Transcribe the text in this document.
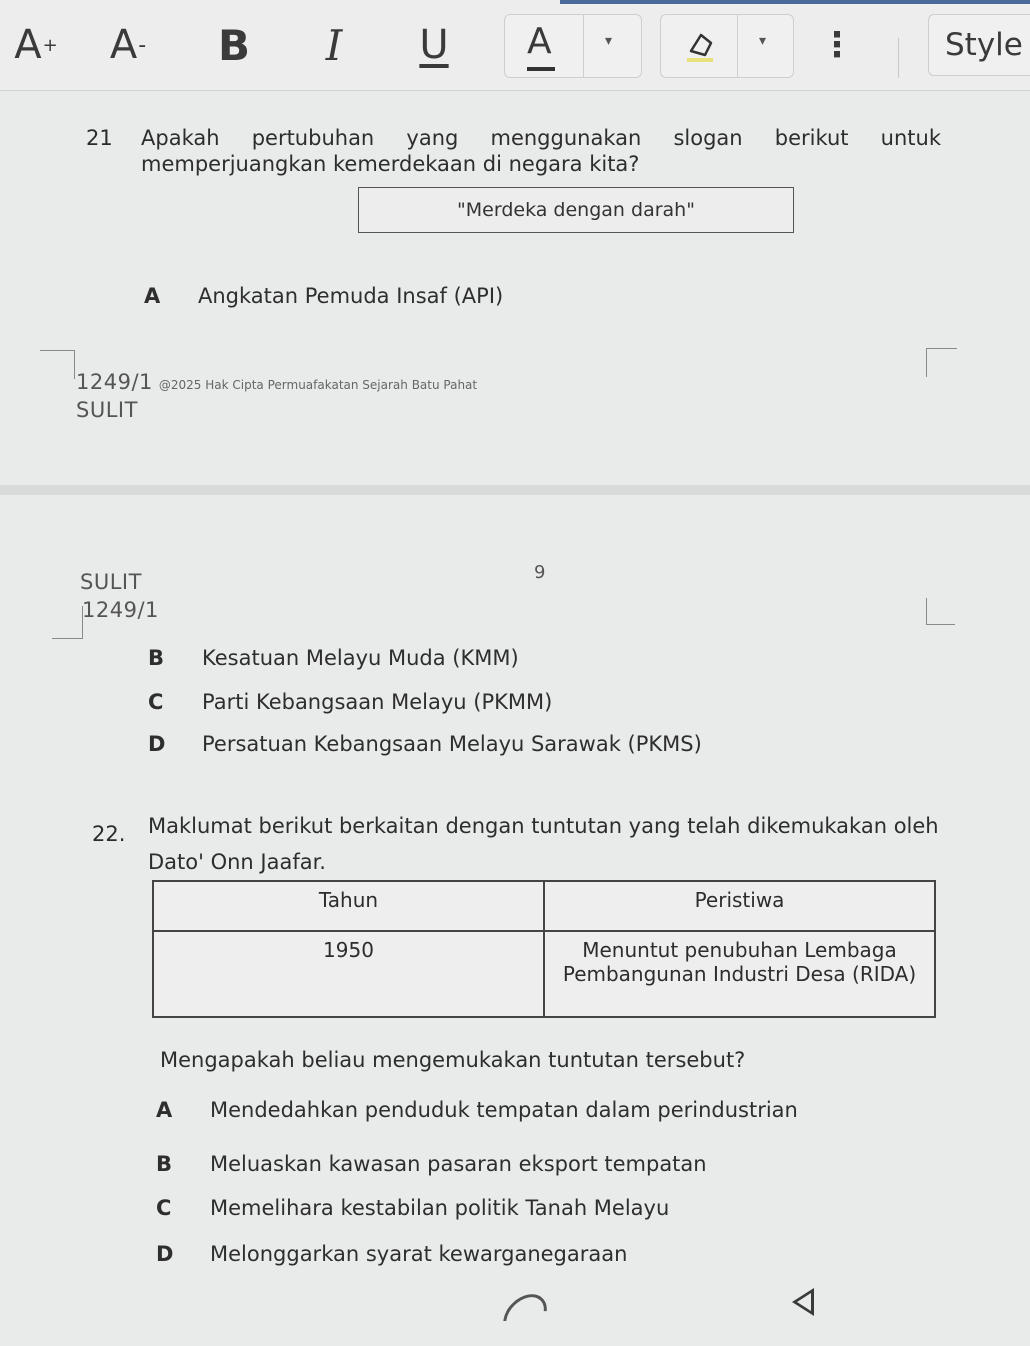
A + A - B I U A	▾	▾ ⋮	Style
21 Apakah pertubuhan yang menggunakan slogan berikut untuk
memperjuangkan kemerdekaan di negara kita?
"Merdeka dengan darah"
A Angkatan Pemuda Insaf (API)
1249/1 @2025 Hak Cipta Permuafakatan Sejarah Batu Pahat
SULIT
SULIT	9
1249/1
B Kesatuan Melayu Muda (KMM)
C Parti Kebangsaan Melayu (PKMM)
D Persatuan Kebangsaan Melayu Sarawak (PKMS)
22. Maklumat berikut berkaitan dengan tuntutan yang telah dikemukakan oleh
Dato' Onn Jaafar.
Tahun	Peristiwa
1950	Menuntut penubuhan Lembaga
Pembangunan Industri Desa (RIDA)
Mengapakah beliau mengemukakan tuntutan tersebut?
A Mendedahkan penduduk tempatan dalam perindustrian
B Meluaskan kawasan pasaran eksport tempatan
C Memelihara kestabilan politik Tanah Melayu
D Melonggarkan syarat kewarganegaraan
